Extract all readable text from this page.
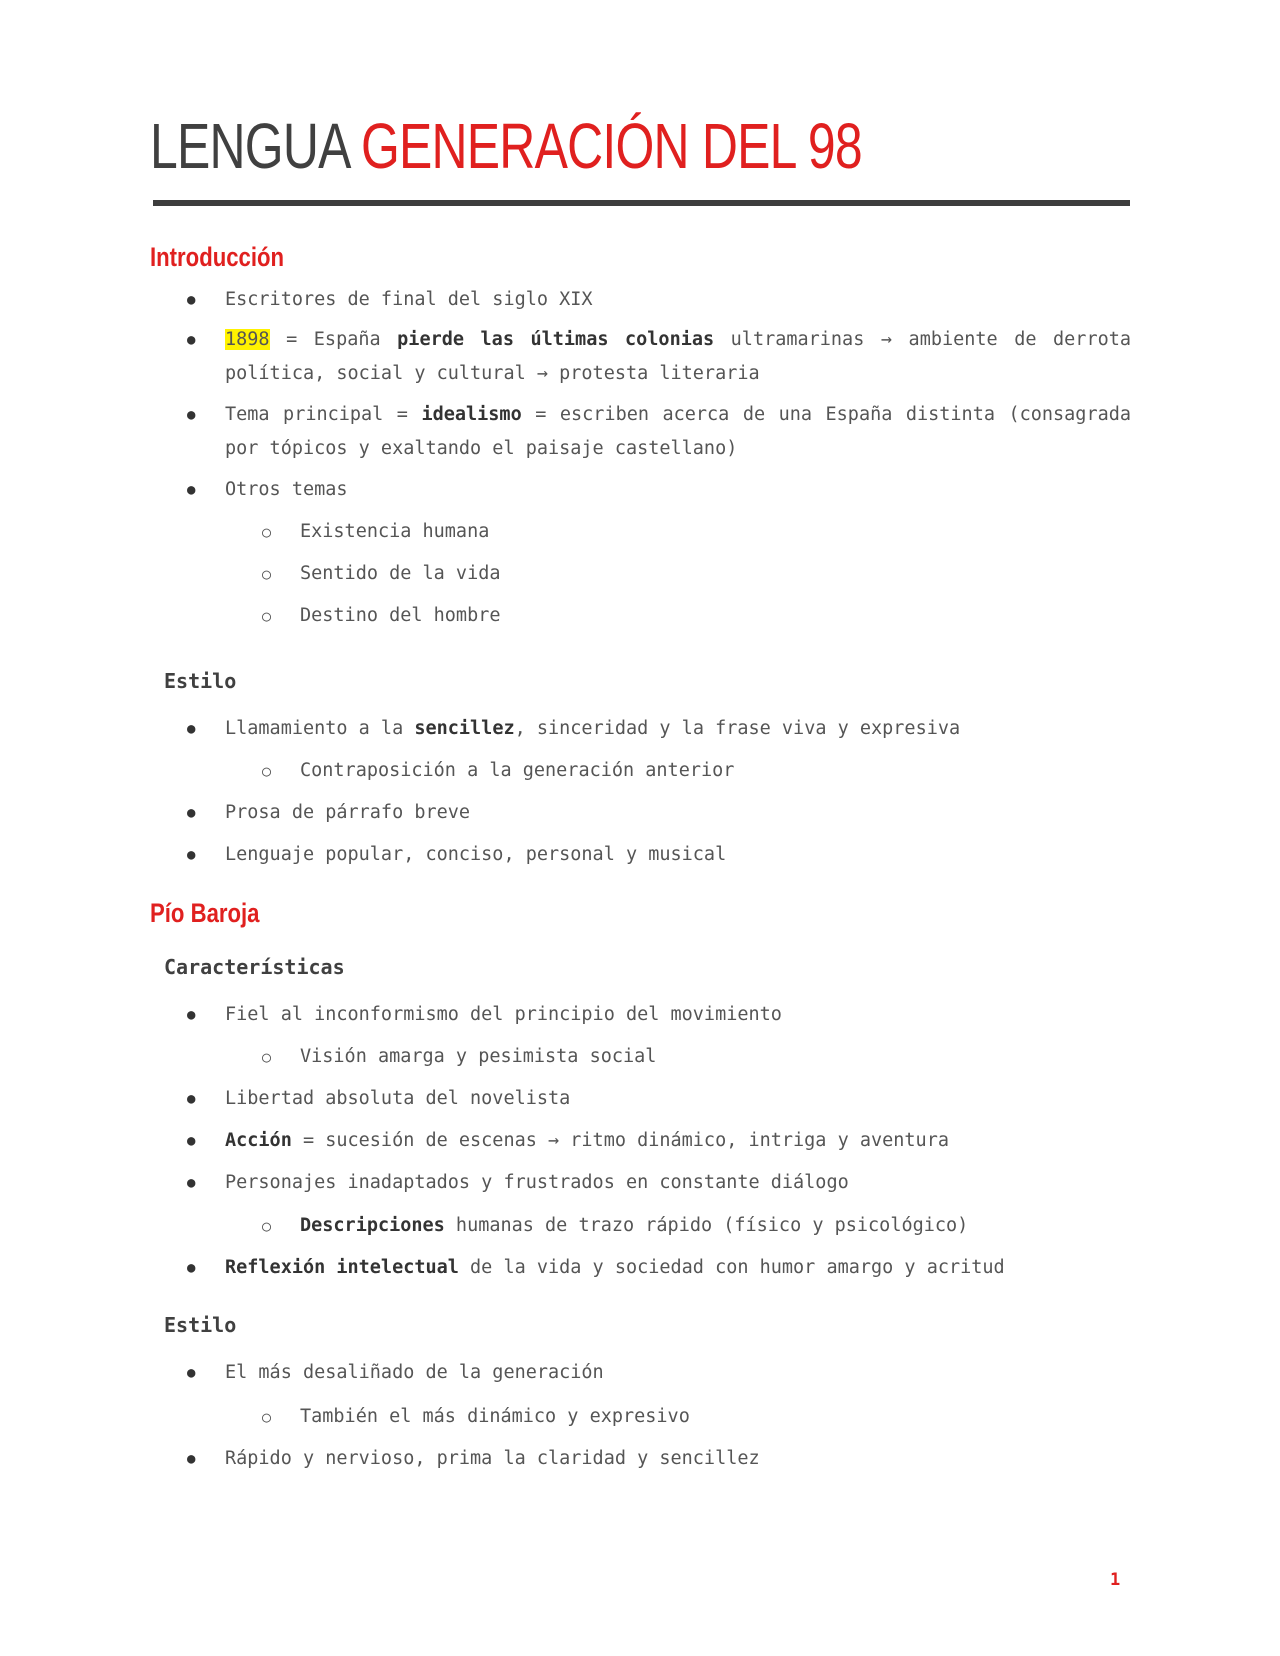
LENGUA GENERACIÓN DEL 98
Introducción

● Escritores de final del siglo XIX

● 1898 = España pierde las últimas colonias ultramarinas → ambiente de derrota política, social y cultural → protesta literaria

● Tema principal = idealismo = escriben acerca de una España distinta (consagrada por tópicos y exaltando el paisaje castellano)

● Otros temas

○ Existencia humana

○ Sentido de la vida

○ Destino del hombre

Estilo

● Llamamiento a la sencillez, sinceridad y la frase viva y expresiva

○ Contraposición a la generación anterior

● Prosa de párrafo breve

● Lenguaje popular, conciso, personal y musical

Pío Baroja
Características

● Fiel al inconformismo del principio del movimiento

○ Visión amarga y pesimista social

● Libertad absoluta del novelista

● Acción = sucesión de escenas → ritmo dinámico, intriga y aventura

● Personajes inadaptados y frustrados en constante diálogo

○ Descripciones humanas de trazo rápido (físico y psicológico)

● Reflexión intelectual de la vida y sociedad con humor amargo y acritud

Estilo

● El más desaliñado de la generación

○ También el más dinámico y expresivo

● Rápido y nervioso, prima la claridad y sencillez

1
